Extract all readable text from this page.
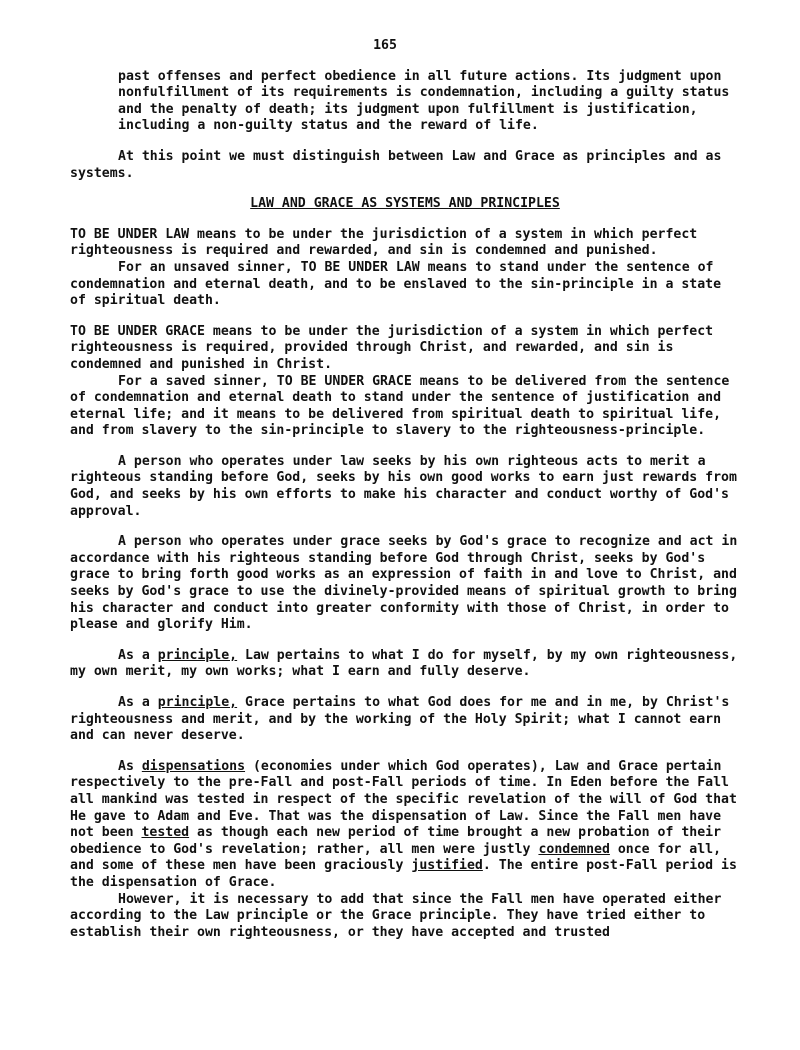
165

past offenses and perfect obedience in all future actions. Its judgment upon nonfulfillment of its requirements is condemnation, including a guilty status and the penalty of death; its judgment upon fulfillment is justification, including a non-guilty status and the reward of life.

At this point we must distinguish between Law and Grace as principles and as systems.

LAW AND GRACE AS SYSTEMS AND PRINCIPLES

TO BE UNDER LAW means to be under the jurisdiction of a system in which perfect righteousness is required and rewarded, and sin is condemned and punished.

For an unsaved sinner, TO BE UNDER LAW means to stand under the sentence of condemnation and eternal death, and to be enslaved to the sin-principle in a state of spiritual death.

TO BE UNDER GRACE means to be under the jurisdiction of a system in which perfect righteousness is required, provided through Christ, and rewarded, and sin is condemned and punished in Christ.

For a saved sinner, TO BE UNDER GRACE means to be delivered from the sentence of condemnation and eternal death to stand under the sentence of justification and eternal life; and it means to be delivered from spiritual death to spiritual life, and from slavery to the sin-principle to slavery to the righteousness-principle.

A person who operates under law seeks by his own righteous acts to merit a righteous standing before God, seeks by his own good works to earn just rewards from God, and seeks by his own efforts to make his character and conduct worthy of God's approval.

A person who operates under grace seeks by God's grace to recognize and act in accordance with his righteous standing before God through Christ, seeks by God's grace to bring forth good works as an expression of faith in and love to Christ, and seeks by God's grace to use the divinely-provided means of spiritual growth to bring his character and conduct into greater conformity with those of Christ, in order to please and glorify Him.

As a principle, Law pertains to what I do for myself, by my own righteousness, my own merit, my own works; what I earn and fully deserve.

As a principle, Grace pertains to what God does for me and in me, by Christ's righteousness and merit, and by the working of the Holy Spirit; what I cannot earn and can never deserve.

As dispensations (economies under which God operates), Law and Grace pertain respectively to the pre-Fall and post-Fall periods of time. In Eden before the Fall all mankind was tested in respect of the specific revelation of the will of God that He gave to Adam and Eve. That was the dispensation of Law. Since the Fall men have not been tested as though each new period of time brought a new probation of their obedience to God's revelation; rather, all men were justly condemned once for all, and some of these men have been graciously justified. The entire post-Fall period is the dispensation of Grace.

However, it is necessary to add that since the Fall men have operated either according to the Law principle or the Grace principle. They have tried either to establish their own righteousness, or they have accepted and trusted
